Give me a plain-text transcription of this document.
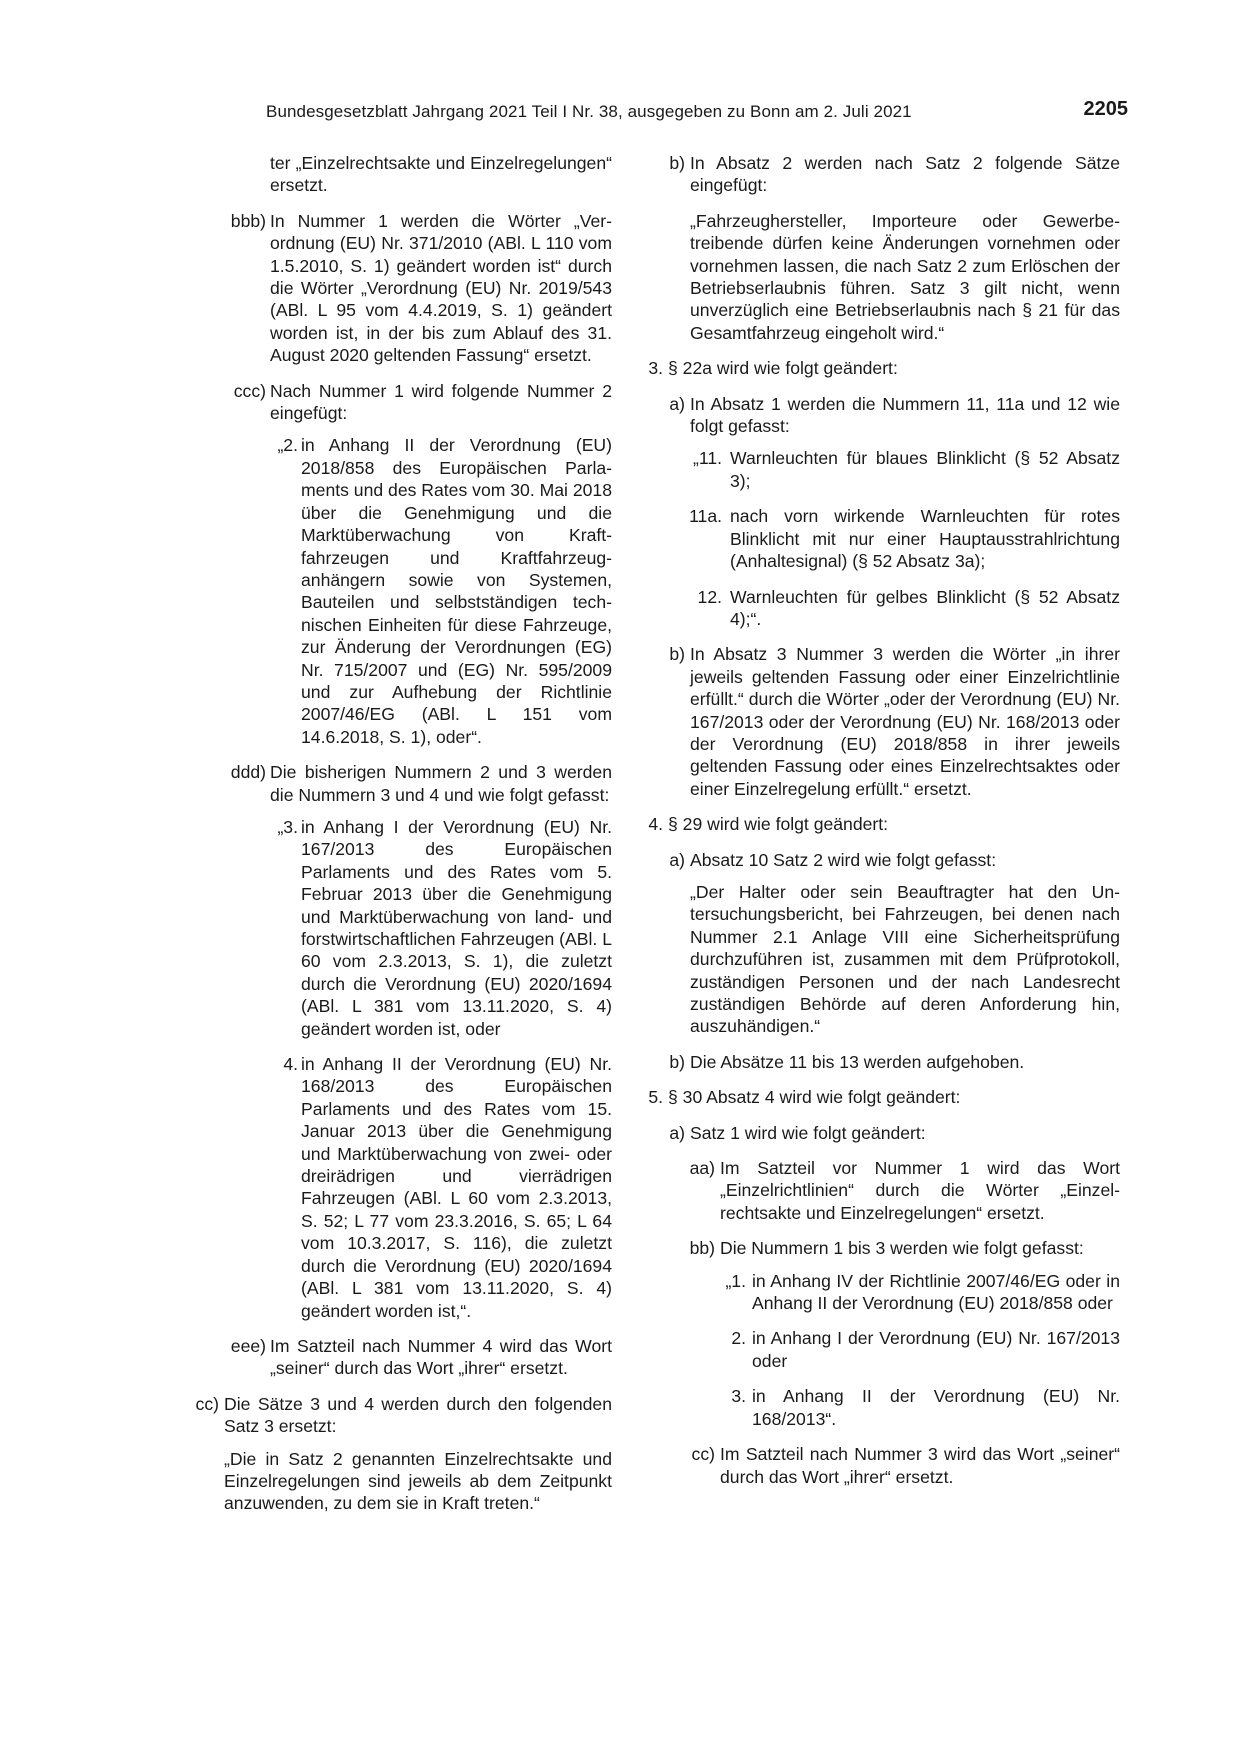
Bundesgesetzblatt Jahrgang 2021 Teil I Nr. 38, ausgegeben zu Bonn am 2. Juli 2021	2205
ter „Einzelrechtsakte und Einzelregelungen“ ersetzt.
bbb) In Nummer 1 werden die Wörter „Verordnung (EU) Nr. 371/2010 (ABl. L 110 vom 1.5.2010, S. 1) geändert worden ist“ durch die Wörter „Verordnung (EU) Nr. 2019/543 (ABl. L 95 vom 4.4.2019, S. 1) geändert worden ist, in der bis zum Ablauf des 31. August 2020 geltenden Fassung“ ersetzt.
ccc) Nach Nummer 1 wird folgende Nummer 2 eingefügt:
„2. in Anhang II der Verordnung (EU) 2018/858 des Europäischen Parlaments und des Rates vom 30. Mai 2018 über die Genehmigung und die Marktüberwachung von Kraftfahrzeugen und Kraftfahrzeuganhängern sowie von Systemen, Bauteilen und selbstständigen technischen Einheiten für diese Fahrzeuge, zur Änderung der Verordnungen (EG) Nr. 715/2007 und (EG) Nr. 595/2009 und zur Aufhebung der Richtlinie 2007/46/EG (ABl. L 151 vom 14.6.2018, S. 1), oder“.
ddd) Die bisherigen Nummern 2 und 3 werden die Nummern 3 und 4 und wie folgt gefasst:
„3. in Anhang I der Verordnung (EU) Nr. 167/2013 des Europäischen Parlaments und des Rates vom 5. Februar 2013 über die Genehmigung und Marktüberwachung von land- und forstwirtschaftlichen Fahrzeugen (ABl. L 60 vom 2.3.2013, S. 1), die zuletzt durch die Verordnung (EU) 2020/1694 (ABl. L 381 vom 13.11.2020, S. 4) geändert worden ist, oder
4. in Anhang II der Verordnung (EU) Nr. 168/2013 des Europäischen Parlaments und des Rates vom 15. Januar 2013 über die Genehmigung und Marktüberwachung von zwei- oder dreirädrigen und vierrädrigen Fahrzeugen (ABl. L 60 vom 2.3.2013, S. 52; L 77 vom 23.3.2016, S. 65; L 64 vom 10.3.2017, S. 116), die zuletzt durch die Verordnung (EU) 2020/1694 (ABl. L 381 vom 13.11.2020, S. 4) geändert worden ist,“.
eee) Im Satzteil nach Nummer 4 wird das Wort „seiner“ durch das Wort „ihrer“ ersetzt.
cc) Die Sätze 3 und 4 werden durch den folgenden Satz 3 ersetzt:
„Die in Satz 2 genannten Einzelrechtsakte und Einzelregelungen sind jeweils ab dem Zeitpunkt anzuwenden, zu dem sie in Kraft treten.“
b) In Absatz 2 werden nach Satz 2 folgende Sätze eingefügt:
„Fahrzeughersteller, Importeure oder Gewerbetreibende dürfen keine Änderungen vornehmen oder vornehmen lassen, die nach Satz 2 zum Erlöschen der Betriebserlaubnis führen. Satz 3 gilt nicht, wenn unverzüglich eine Betriebserlaubnis nach § 21 für das Gesamtfahrzeug eingeholt wird.“
3. § 22a wird wie folgt geändert:
a) In Absatz 1 werden die Nummern 11, 11a und 12 wie folgt gefasst:
„11. Warnleuchten für blaues Blinklicht (§ 52 Absatz 3);
11a. nach vorn wirkende Warnleuchten für rotes Blinklicht mit nur einer Hauptausstrahlrichtung (Anhaltesignal) (§ 52 Absatz 3a);
12. Warnleuchten für gelbes Blinklicht (§ 52 Absatz 4);“.
b) In Absatz 3 Nummer 3 werden die Wörter „in ihrer jeweils geltenden Fassung oder einer Einzelrichtlinie erfüllt.“ durch die Wörter „oder der Verordnung (EU) Nr. 167/2013 oder der Verordnung (EU) Nr. 168/2013 oder der Verordnung (EU) 2018/858 in ihrer jeweils geltenden Fassung oder eines Einzelrechtsaktes oder einer Einzelregelung erfüllt.“ ersetzt.
4. § 29 wird wie folgt geändert:
a) Absatz 10 Satz 2 wird wie folgt gefasst:
„Der Halter oder sein Beauftragter hat den Untersuchungsbericht, bei Fahrzeugen, bei denen nach Nummer 2.1 Anlage VIII eine Sicherheitsprüfung durchzuführen ist, zusammen mit dem Prüfprotokoll, zuständigen Personen und der nach Landesrecht zuständigen Behörde auf deren Anforderung hin, auszuhändigen.“
b) Die Absätze 11 bis 13 werden aufgehoben.
5. § 30 Absatz 4 wird wie folgt geändert:
a) Satz 1 wird wie folgt geändert:
aa) Im Satzteil vor Nummer 1 wird das Wort „Einzelrichtlinien“ durch die Wörter „Einzelrechtsakte und Einzelregelungen“ ersetzt.
bb) Die Nummern 1 bis 3 werden wie folgt gefasst:
„1. in Anhang IV der Richtlinie 2007/46/EG oder in Anhang II der Verordnung (EU) 2018/858 oder
2. in Anhang I der Verordnung (EU) Nr. 167/2013 oder
3. in Anhang II der Verordnung (EU) Nr. 168/2013“.
cc) Im Satzteil nach Nummer 3 wird das Wort „seiner“ durch das Wort „ihrer“ ersetzt.
